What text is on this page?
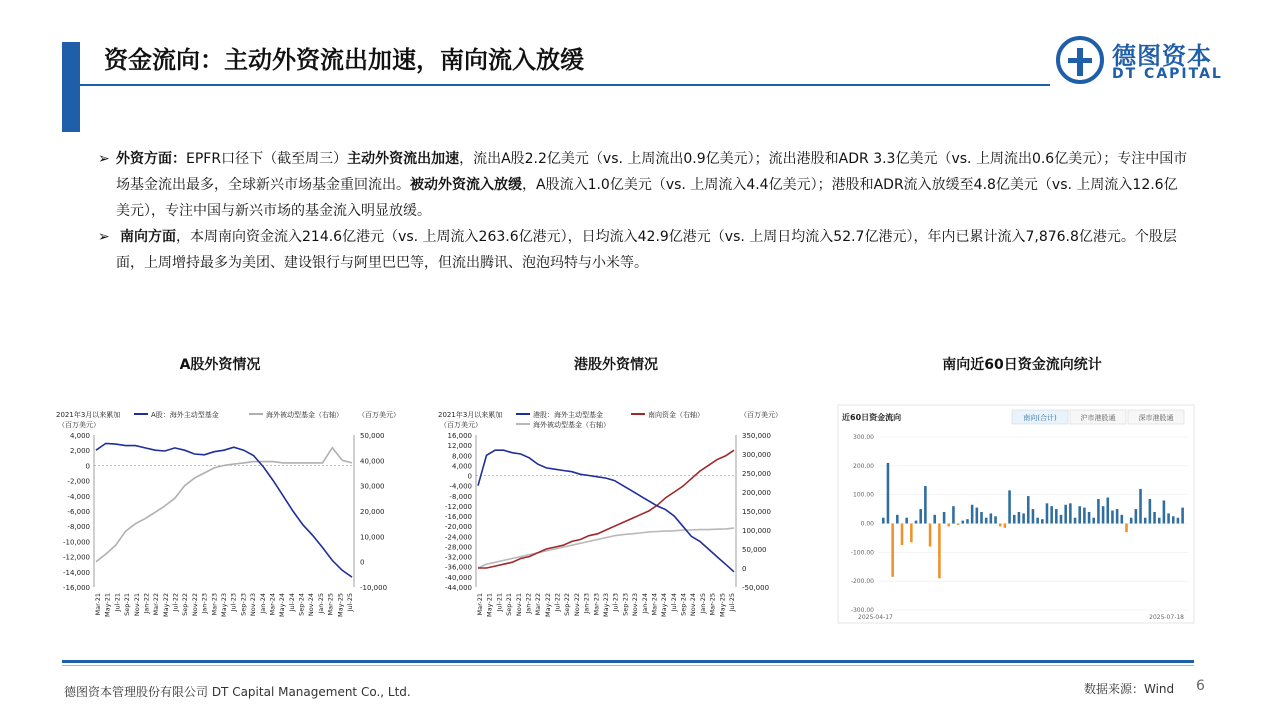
资金流向：主动外资流出加速，南向流入放缓	德图资本
DT CAPITAL
➢ 外资方面：EPFR口径下（截至周三）主动外资流出加速，流出A股2.2亿美元（vs. 上周流出0.9亿美元）；流出港股和ADR 3.3亿美元（vs. 上周流出0.6亿美元）；专注中国市场基金流出最多，全球新兴市场基金重回流出。被动外资流入放缓，A股流入1.0亿美元（vs. 上周流入4.4亿美元）；港股和ADR流入放缓至4.8亿美元（vs. 上周流入12.6亿美元），专注中国与新兴市场的基金流入明显放缓。
➢ 南向方面，本周南向资金流入214.6亿港元（vs. 上周流入263.6亿港元），日均流入42.9亿港元（vs. 上周日均流入52.7亿港元），年内已累计流入7,876.8亿港元。个股层面，上周增持最多为美团、建设银行与阿里巴巴等，但流出腾讯、泡泡玛特与小米等。
A股外资情况	港股外资情况	南向近60日资金流向统计
2021年3月以来累加
（百万美元）
（百万美元）
A股：海外主动型基金	海外被动型基金（右轴）
4,000
2,000
0
-2,000
-4,000
-6,000
-8,000
-10,000
-12,000
-14,000
-16,000
50,000
40,000
30,000
20,000
10,000
0
-10,000
Mar-21 May-21 Jul-21 Sep-21 Nov-21 Jan-22 Mar-22 May-22 Jul-22 Sep-22 Nov-22 Jan-23 Mar-23 May-23 Jul-23 Sep-23 Nov-23 Jan-24 Mar-24 May-24 Jul-24 Sep-24 Nov-24 Jan-25 Mar-25 May-25 Jul-25
2021年3月以来累加
（百万美元）
（百万美元）
港股：海外主动型基金	南向资金（右轴）
海外被动型基金（右轴）
16,000
12,000
8,000
4,000
0
-4,000
-8,000
-12,000
-16,000
-20,000
-24,000
-28,000
-32,000
-36,000
-40,000
-44,000
350,000
300,000
250,000
200,000
150,000
100,000
50,000
0
-50,000
Mar-21 May-21 Jul-21 Sep-21 Nov-21 Jan-22 Mar-22 May-22 Jul-22 Sep-22 Nov-22 Jan-23 Mar-23 May-23 Jul-23 Sep-23 Nov-23 Jan-24 Mar-24 May-24 Jul-24 Sep-24 Nov-24 Jan-25 Mar-25 May-25 Jul-25
近60日资金流向	南向(合计)	沪市港股通	深市港股通
300.00
200.00
100.00
0.00
-100.00
-200.00
-300.00
2025-04-17	2025-07-18
德图资本管理股份有限公司 DT Capital Management Co., Ltd.	数据来源：Wind 6
